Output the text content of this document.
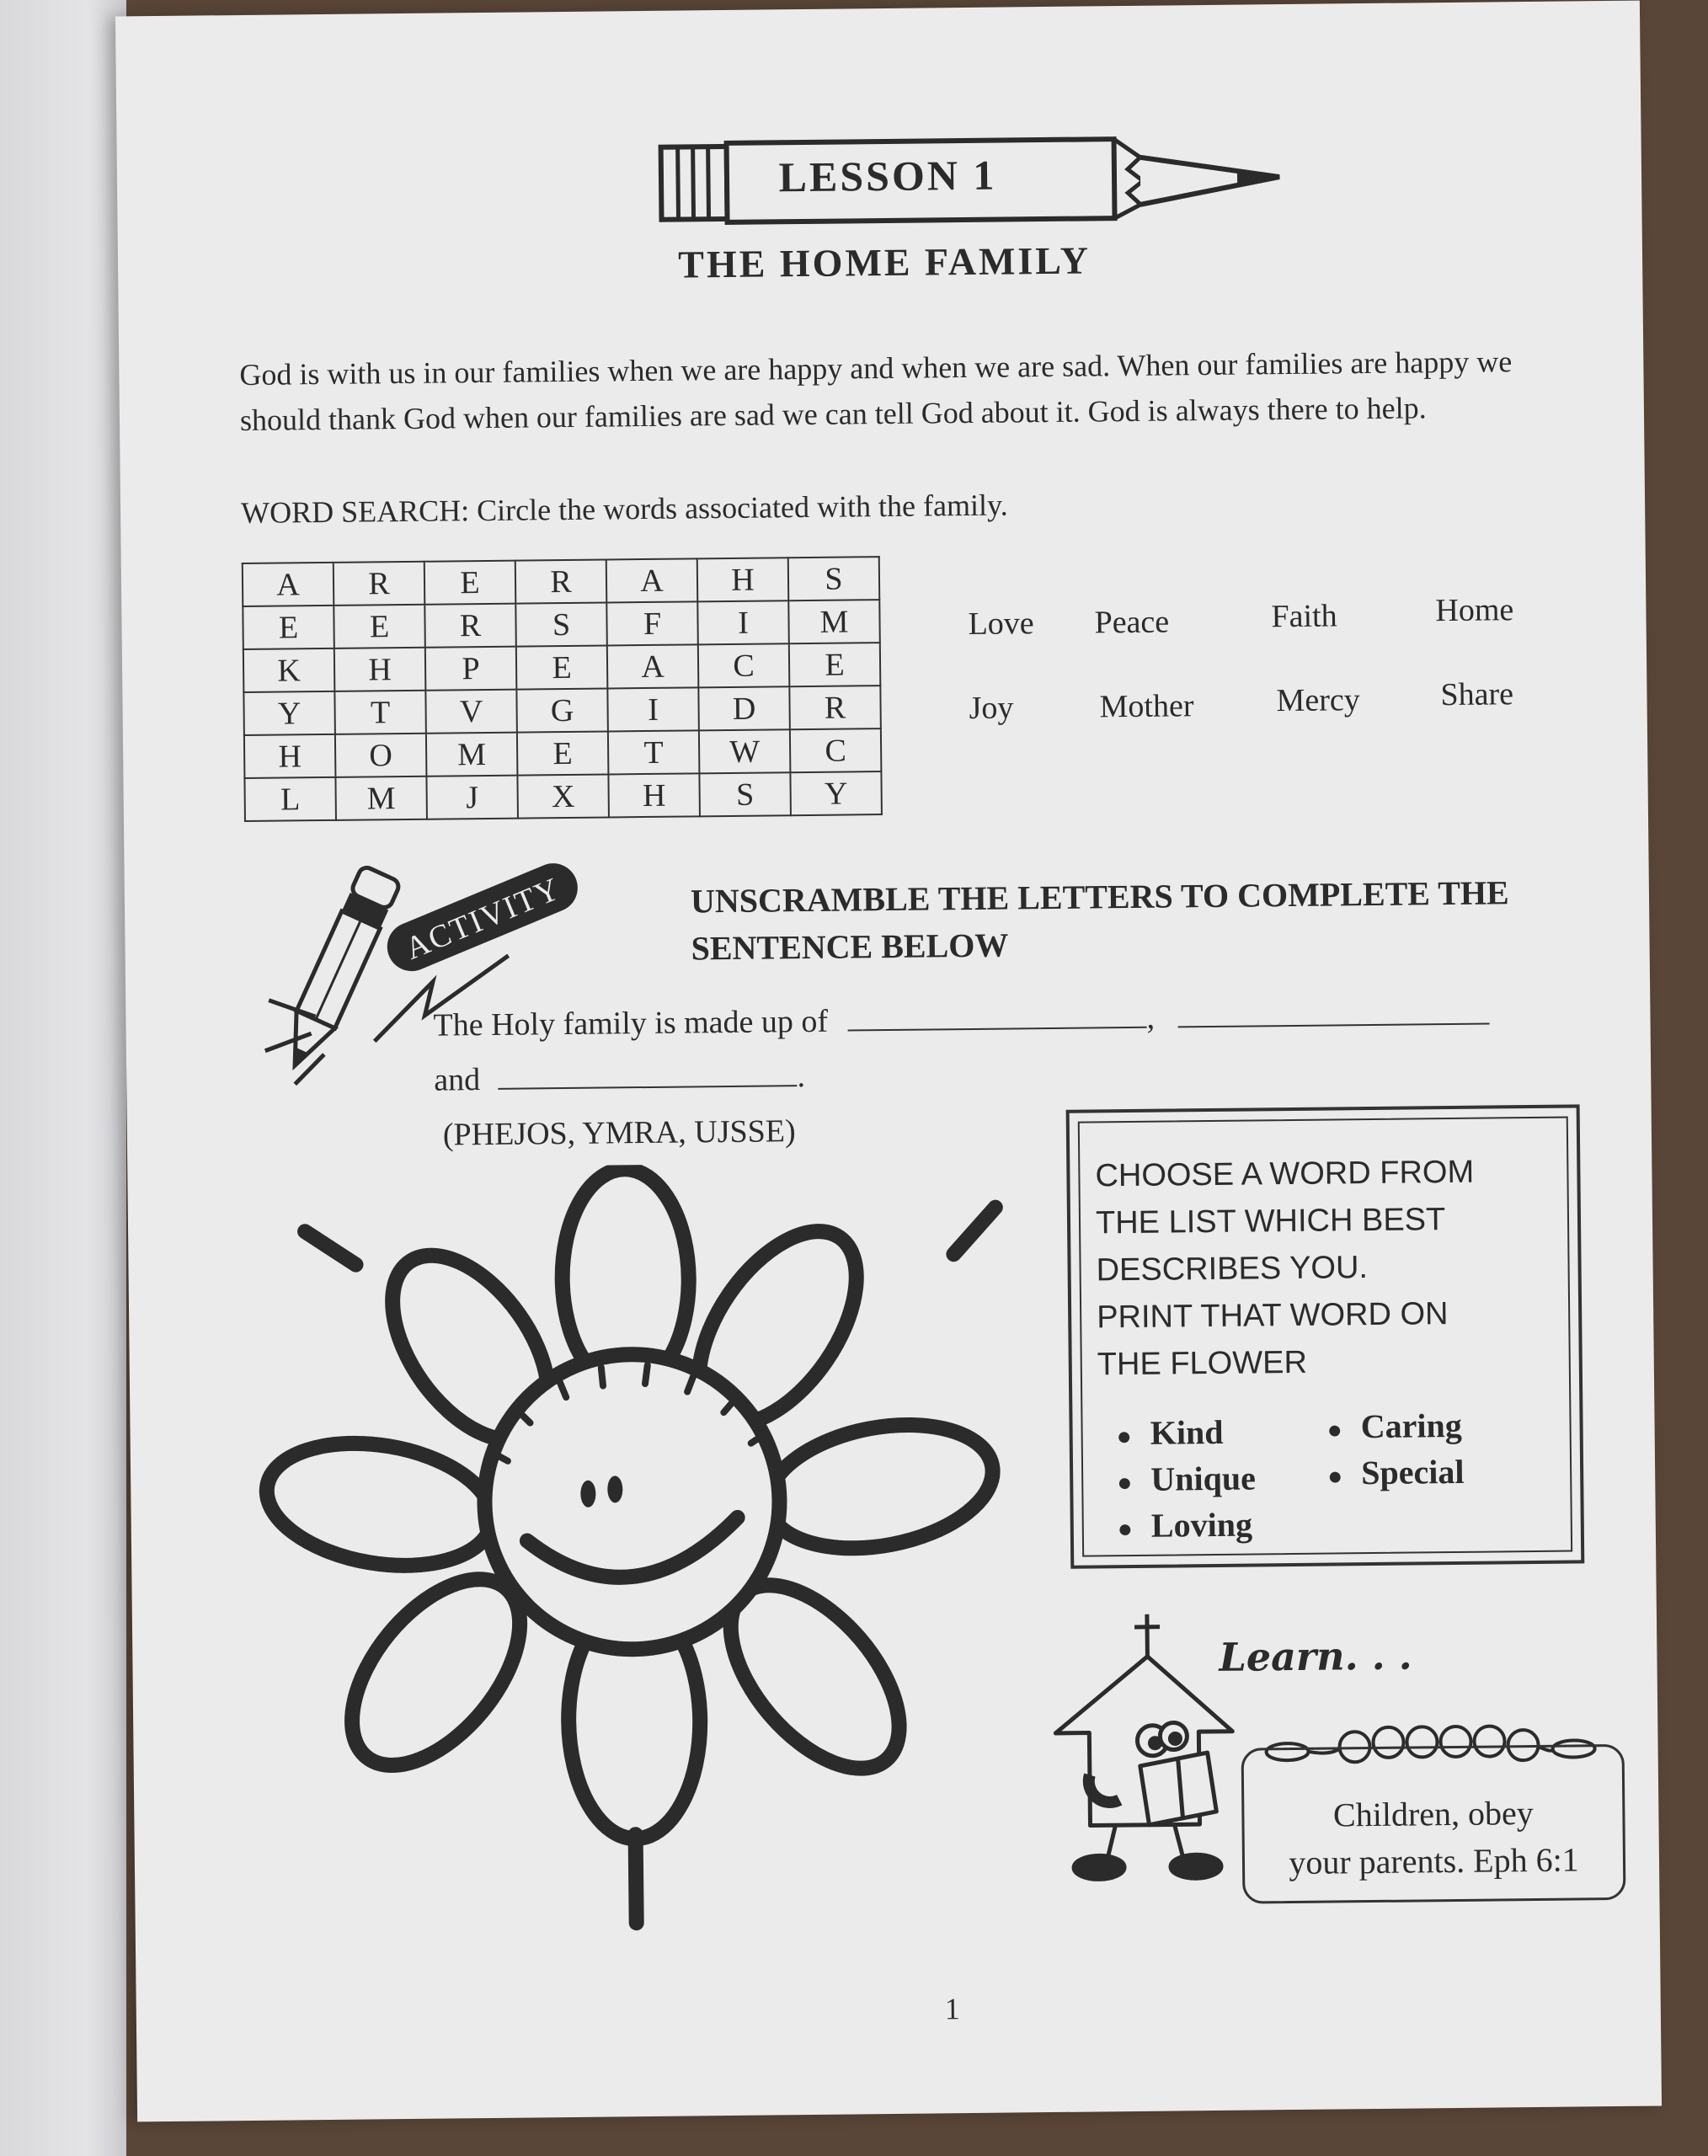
LESSON 1
THE HOME FAMILY
God is with us in our families when we are happy and when we are sad. When our families are happy we should thank God when our families are sad we can tell God about it. God is always there to help.
WORD SEARCH: Circle the words associated with the family.
A	R	E	R	A	H	S
E	E	R	S	F	I	M
K	H	P	E	A	C	E
Y	T	V	G	I	D	R
H	O	M	E	T	W	C
L	M	J	X	H	S	Y
Love Peace	Faith	Home
Joy	Mother	Mercy	Share
ACTIVITY	UNSCRAMBLE THE LETTERS TO COMPLETE THE
SENTENCE BELOW
The Holy family is made up of	,
and	.
(PHEJOS, YMRA, UJSSE)
CHOOSE A WORD FROM
THE LIST WHICH BEST
DESCRIBES YOU.
PRINT THAT WORD ON
THE FLOWER
● Kind
● Unique
● Loving
● Caring
● Special
Learn. . .
Children, obey
your parents. Eph 6:1
1
